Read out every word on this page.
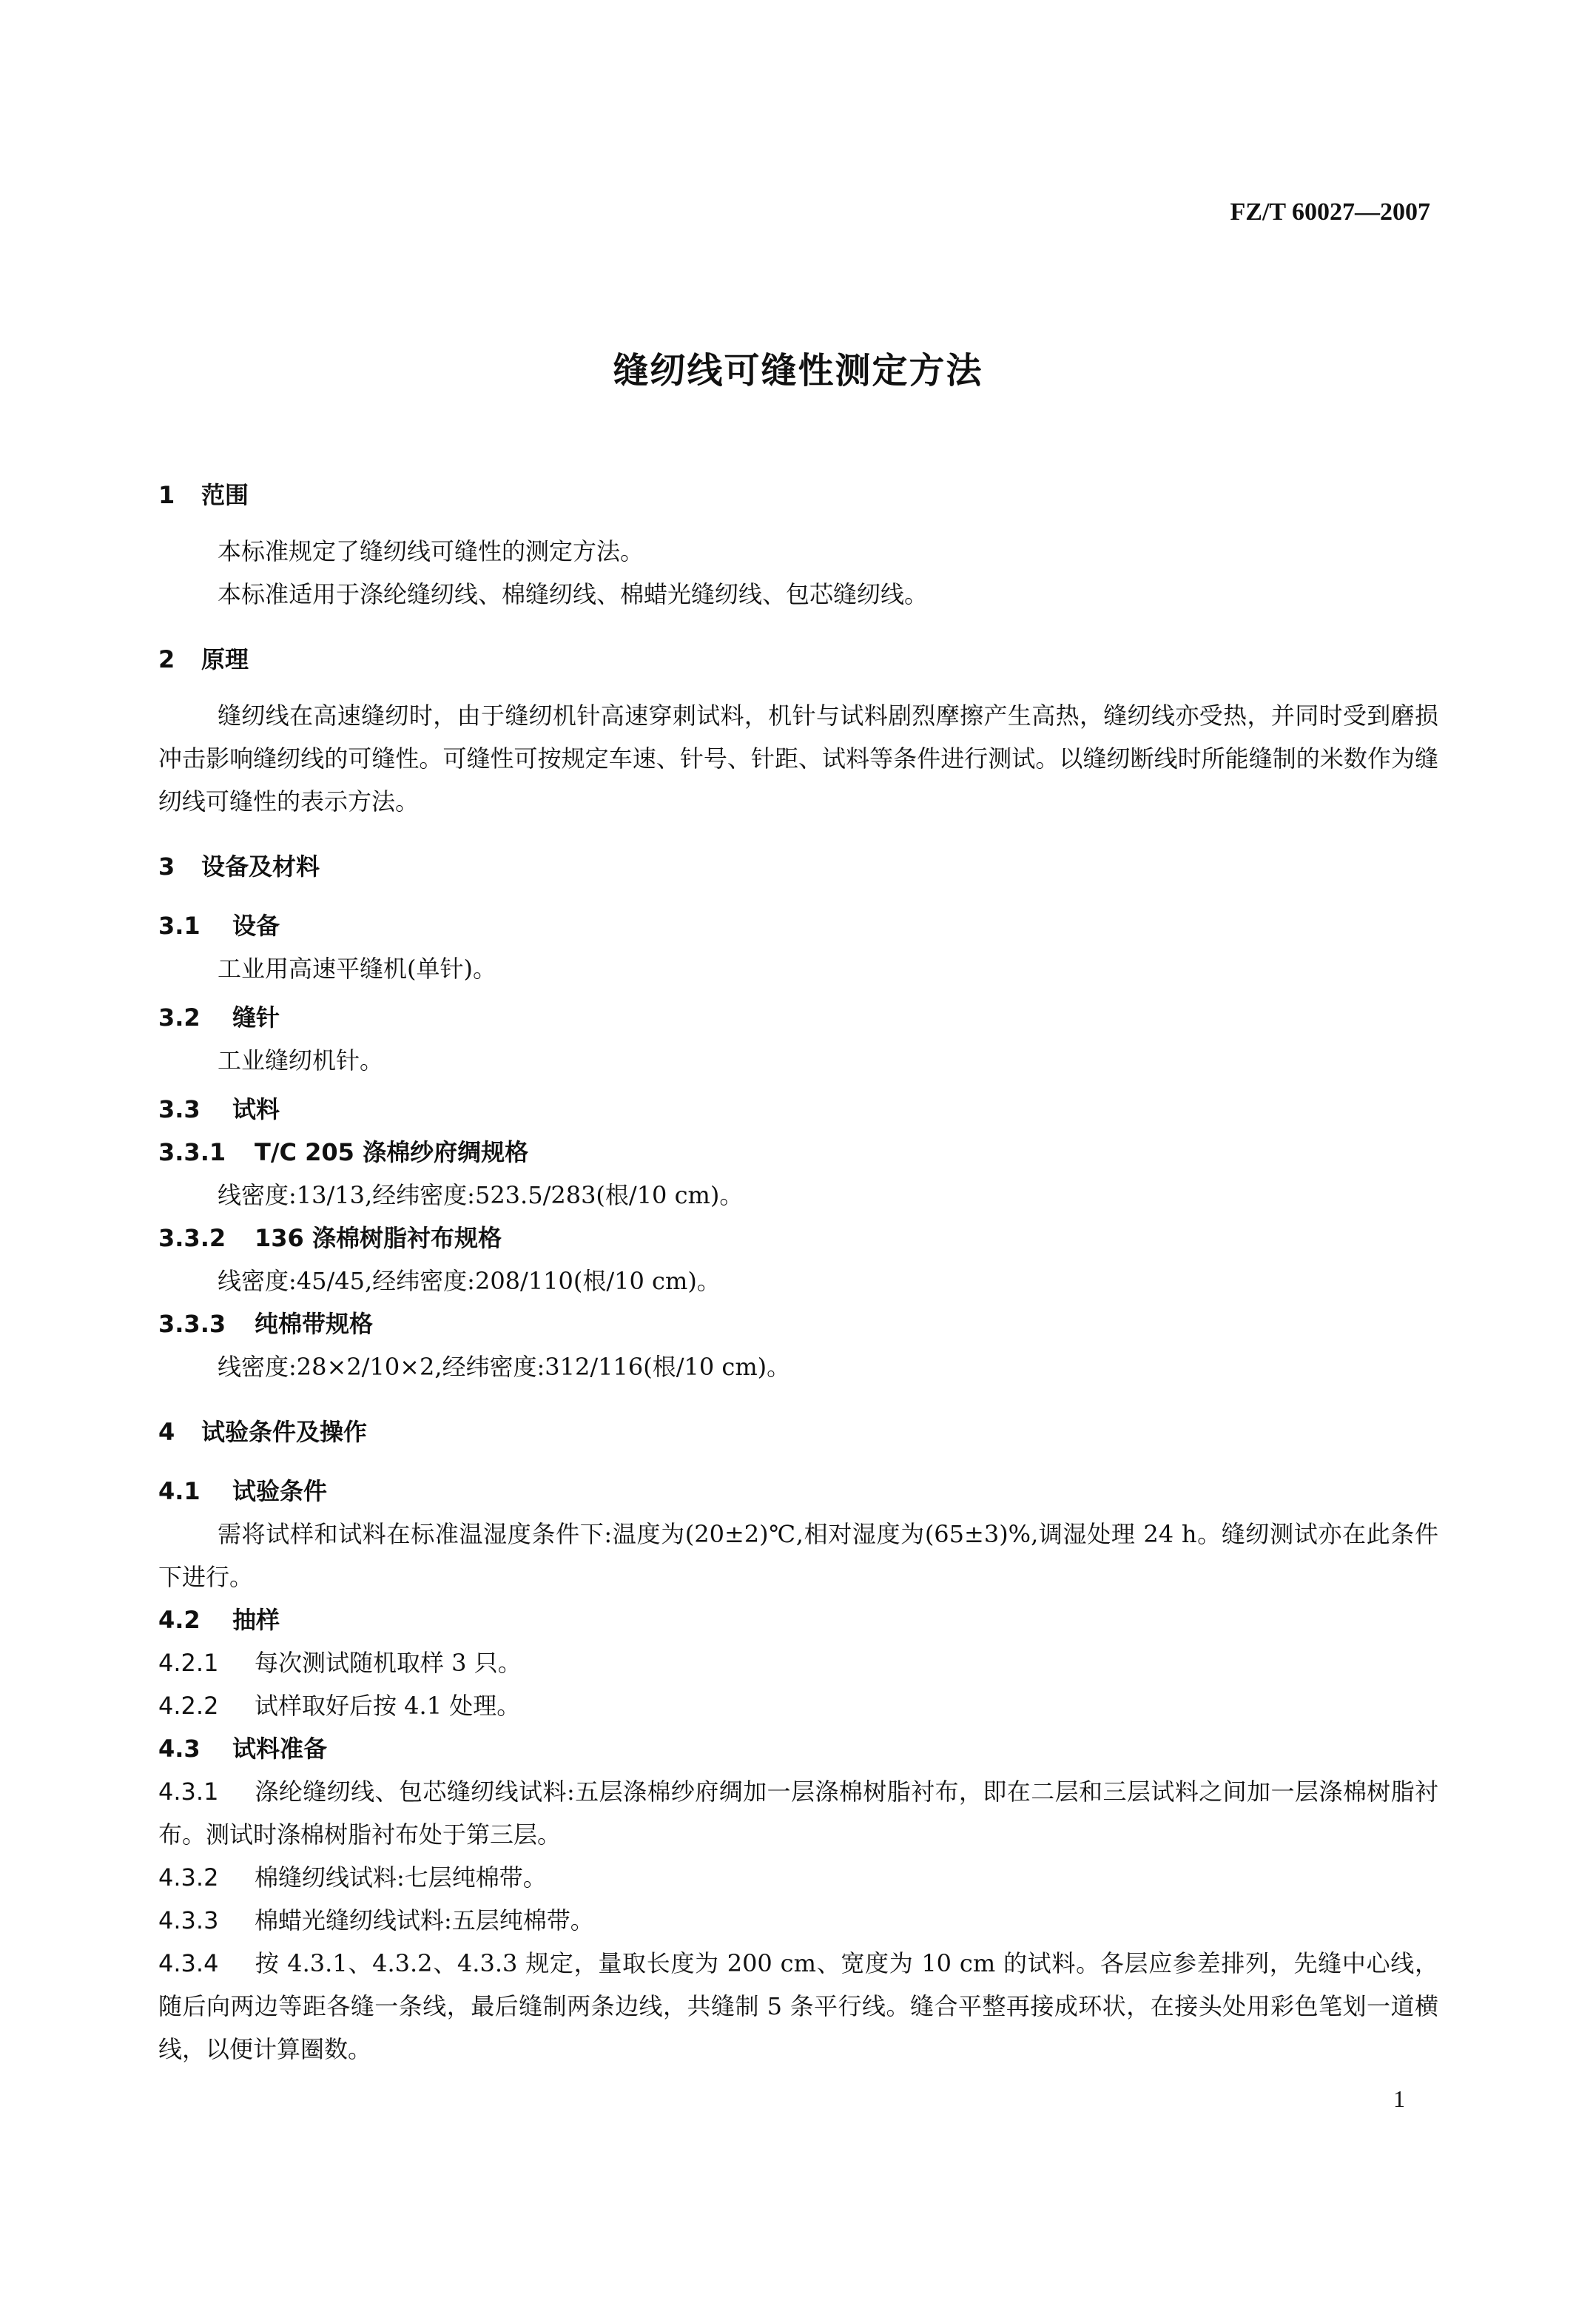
FZ/T 60027—2007
缝纫线可缝性测定方法
1 范围
本标准规定了缝纫线可缝性的测定方法。
本标准适用于涤纶缝纫线、棉缝纫线、棉蜡光缝纫线、包芯缝纫线。
2 原理
缝纫线在高速缝纫时，由于缝纫机针高速穿刺试料，机针与试料剧烈摩擦产生高热，缝纫线亦受热，并同时受到磨损冲击影响缝纫线的可缝性。可缝性可按规定车速、针号、针距、试料等条件进行测试。以缝纫断线时所能缝制的米数作为缝纫线可缝性的表示方法。
3 设备及材料
3.1 设备
工业用高速平缝机(单针)。
3.2 缝针
工业缝纫机针。
3.3 试料
3.3.1 T/C 205 涤棉纱府绸规格
线密度:13/13,经纬密度:523.5/283(根/10 cm)。
3.3.2 136 涤棉树脂衬布规格
线密度:45/45,经纬密度:208/110(根/10 cm)。
3.3.3 纯棉带规格
线密度:28×2/10×2,经纬密度:312/116(根/10 cm)。
4 试验条件及操作
4.1 试验条件
需将试样和试料在标准温湿度条件下:温度为(20±2)℃,相对湿度为(65±3)%,调湿处理 24 h。缝纫测试亦在此条件下进行。
4.2 抽样
4.2.1 每次测试随机取样 3 只。
4.2.2 试样取好后按 4.1 处理。
4.3 试料准备
4.3.1 涤纶缝纫线、包芯缝纫线试料:五层涤棉纱府绸加一层涤棉树脂衬布，即在二层和三层试料之间加一层涤棉树脂衬布。测试时涤棉树脂衬布处于第三层。
4.3.2 棉缝纫线试料:七层纯棉带。
4.3.3 棉蜡光缝纫线试料:五层纯棉带。
4.3.4 按 4.3.1、4.3.2、4.3.3 规定，量取长度为 200 cm、宽度为 10 cm 的试料。各层应参差排列，先缝中心线，随后向两边等距各缝一条线，最后缝制两条边线，共缝制 5 条平行线。缝合平整再接成环状，在接头处用彩色笔划一道横线，以便计算圈数。
1
